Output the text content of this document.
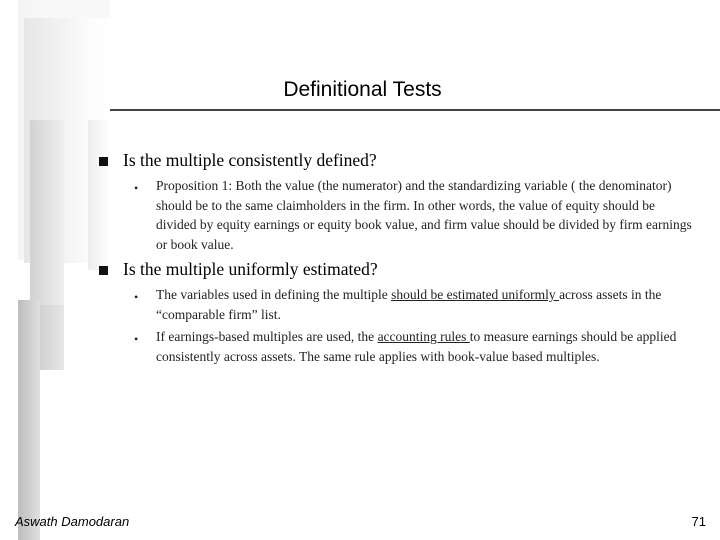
Definitional Tests
Is the multiple consistently defined?
• Proposition 1: Both the value (the numerator) and the standardizing variable ( the denominator) should be to the same claimholders in the firm. In other words, the value of equity should be divided by equity earnings or equity book value, and firm value should be divided by firm earnings or book value.
Is the multiple uniformly estimated?
• The variables used in defining the multiple should be estimated uniformly across assets in the “comparable firm” list.
• If earnings-based multiples are used, the accounting rules to measure earnings should be applied consistently across assets. The same rule applies with book-value based multiples.
Aswath Damodaran	71
